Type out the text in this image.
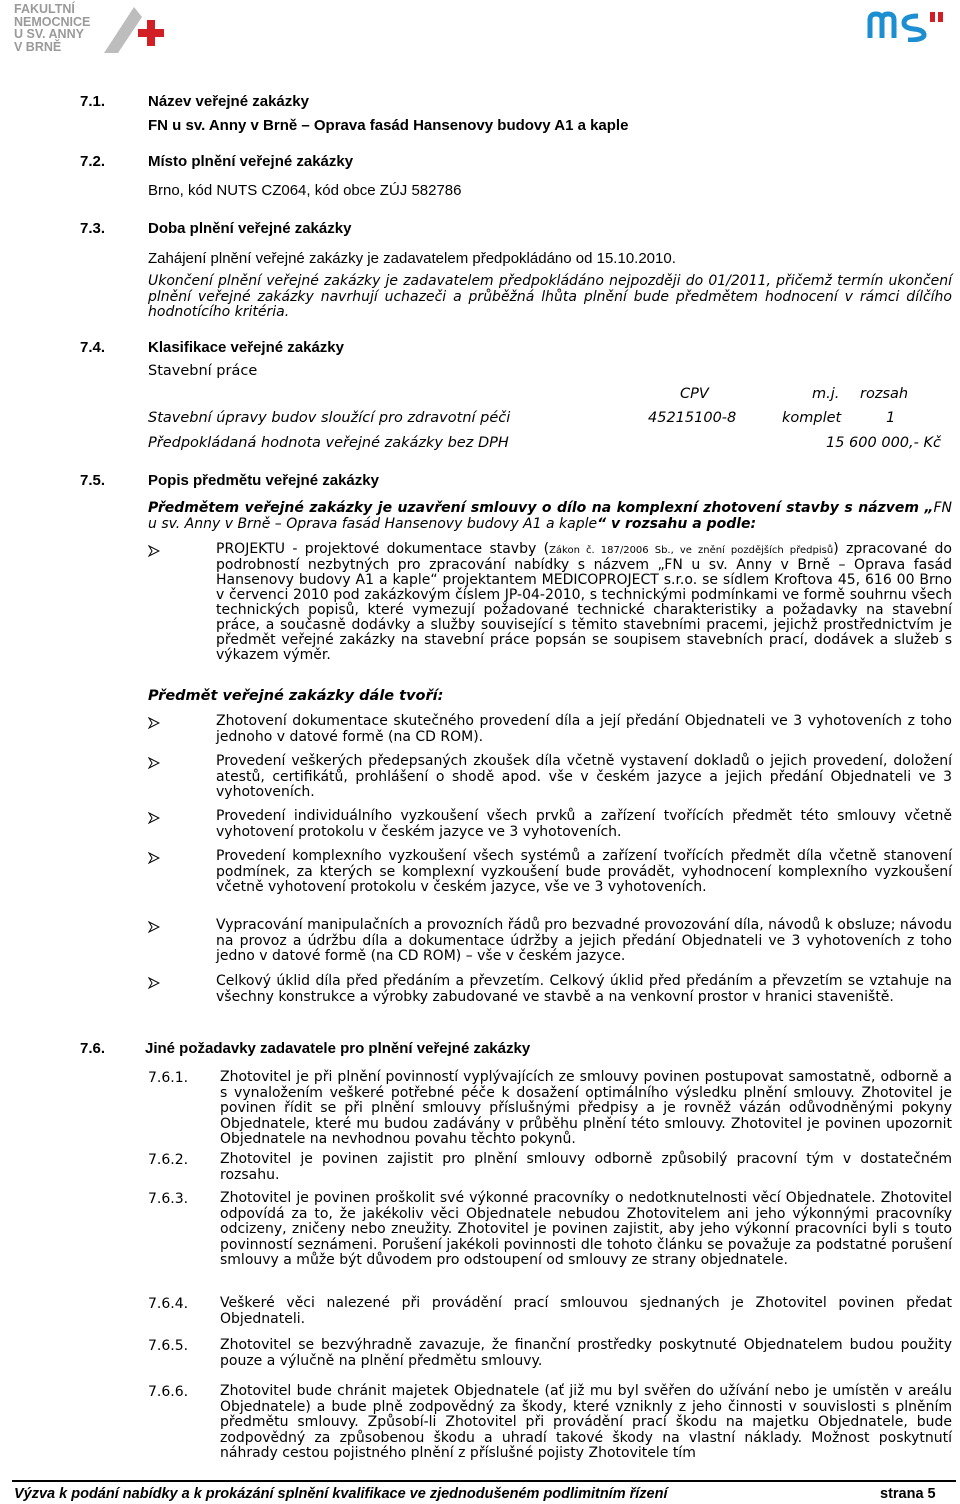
FAKULTNÍ
NEMOCNICE
U SV. ANNY
V BRNĚ
7.1.	Název veřejné zakázky
FN u sv. Anny v Brně – Oprava fasád Hansenovy budovy A1 a kaple
7.2.	Místo plnění veřejné zakázky
Brno, kód NUTS CZ064, kód obce ZÚJ 582786
7.3.	Doba plnění veřejné zakázky
Zahájení plnění veřejné zakázky je zadavatelem předpokládáno od 15.10.2010.
Ukončení plnění veřejné zakázky je zadavatelem předpokládáno nejpozději do 01/2011, přičemž termín ukončení plnění veřejné zakázky navrhují uchazeči a průběžná lhůta plnění bude předmětem hodnocení v rámci dílčího hodnotícího kritéria.
7.4.	Klasifikace veřejné zakázky
Stavební práce
CPV	m.j. rozsah
Stavební úpravy budov sloužící pro zdravotní péči	45215100-8	komplet	1
Předpokládaná hodnota veřejné zakázky bez DPH	15 600 000,- Kč
7.5.	Popis předmětu veřejné zakázky
Předmětem veřejné zakázky je uzavření smlouvy o dílo na komplexní zhotovení stavby s názvem „FN u sv. Anny v Brně – Oprava fasád Hansenovy budovy A1 a kaple“ v rozsahu a podle:
PROJEKTU - projektové dokumentace stavby (Zákon č. 187/2006 Sb., ve znění pozdějších předpisů) zpracované do podrobností nezbytných pro zpracování nabídky s názvem „FN u sv. Anny v Brně – Oprava fasád Hansenovy budovy A1 a kaple“ projektantem MEDICOPROJECT s.r.o. se sídlem Kroftova 45, 616 00 Brno v červenci 2010 pod zakázkovým číslem JP-04-2010, s technickými podmínkami ve formě souhrnu všech technických popisů, které vymezují požadované technické charakteristiky a požadavky na stavební práce, a současně dodávky a služby související s těmito stavebními pracemi, jejichž prostřednictvím je předmět veřejné zakázky na stavební práce popsán se soupisem stavebních prací, dodávek a služeb s výkazem výměr.
Předmět veřejné zakázky dále tvoří:
Zhotovení dokumentace skutečného provedení díla a její předání Objednateli ve 3 vyhotoveních z toho jednoho v datové formě (na CD ROM).
Provedení veškerých předepsaných zkoušek díla včetně vystavení dokladů o jejich provedení, doložení atestů, certifikátů, prohlášení o shodě apod. vše v českém jazyce a jejich předání Objednateli ve 3 vyhotoveních.
Provedení individuálního vyzkoušení všech prvků a zařízení tvořících předmět této smlouvy včetně vyhotovení protokolu v českém jazyce ve 3 vyhotoveních.
Provedení komplexního vyzkoušení všech systémů a zařízení tvořících předmět díla včetně stanovení podmínek, za kterých se komplexní vyzkoušení bude provádět, vyhodnocení komplexního vyzkoušení včetně vyhotovení protokolu v českém jazyce, vše ve 3 vyhotoveních.
Vypracování manipulačních a provozních řádů pro bezvadné provozování díla, návodů k obsluze; návodu na provoz a údržbu díla a dokumentace údržby a jejich předání Objednateli ve 3 vyhotoveních z toho jedno v datové formě (na CD ROM) – vše v českém jazyce.
Celkový úklid díla před předáním a převzetím. Celkový úklid před předáním a převzetím se vztahuje na všechny konstrukce a výrobky zabudované ve stavbě a na venkovní prostor v hranici staveniště.
7.6.	Jiné požadavky zadavatele pro plnění veřejné zakázky
7.6.1. Zhotovitel je při plnění povinností vyplývajících ze smlouvy povinen postupovat samostatně, odborně a s vynaložením veškeré potřebné péče k dosažení optimálního výsledku plnění smlouvy. Zhotovitel je povinen řídit se při plnění smlouvy příslušnými předpisy a je rovněž vázán odůvodněnými pokyny Objednatele, které mu budou zadávány v průběhu plnění této smlouvy. Zhotovitel je povinen upozornit Objednatele na nevhodnou povahu těchto pokynů.
7.6.2. Zhotovitel je povinen zajistit pro plnění smlouvy odborně způsobilý pracovní tým v dostatečném rozsahu.
7.6.3. Zhotovitel je povinen proškolit své výkonné pracovníky o nedotknutelnosti věcí Objednatele. Zhotovitel odpovídá za to, že jakékoliv věci Objednatele nebudou Zhotovitelem ani jeho výkonnými pracovníky odcizeny, zničeny nebo zneužity. Zhotovitel je povinen zajistit, aby jeho výkonní pracovníci byli s touto povinností seznámeni. Porušení jakékoli povinnosti dle tohoto článku se považuje za podstatné porušení smlouvy a může být důvodem pro odstoupení od smlouvy ze strany objednatele.
7.6.4. Veškeré věci nalezené při provádění prací smlouvou sjednaných je Zhotovitel povinen předat Objednateli.
7.6.5. Zhotovitel se bezvýhradně zavazuje, že finanční prostředky poskytnuté Objednatelem budou použity pouze a výlučně na plnění předmětu smlouvy.
7.6.6. Zhotovitel bude chránit majetek Objednatele (ať již mu byl svěřen do užívání nebo je umístěn v areálu Objednatele) a bude plně zodpovědný za škody, které vzniknly z jeho činnosti v souvislosti s plněním předmětu smlouvy. Způsobí-li Zhotovitel při provádění prací škodu na majetku Objednatele, bude zodpovědný za způsobenou škodu a uhradí takové škody na vlastní náklady. Možnost poskytnutí náhrady cestou pojistného plnění z příslušné pojisty Zhotovitele tím
Výzva k podání nabídky a k prokázání splnění kvalifikace ve zjednodušeném podlimitním řízení	strana 5
